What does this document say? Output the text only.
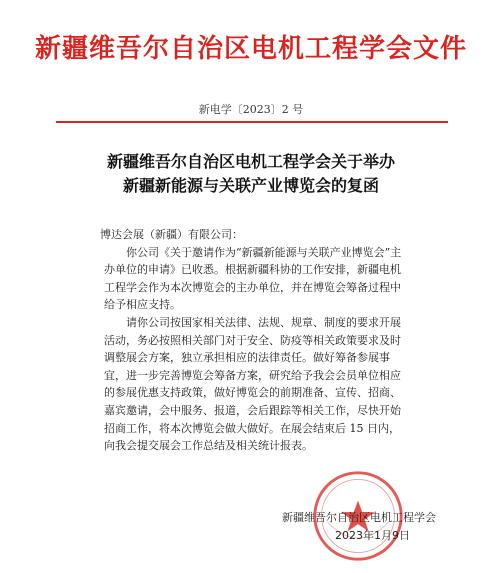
新疆维吾尔自治区电机工程学会文件
新电学〔2023〕2 号
新疆维吾尔自治区电机工程学会关于举办
新疆新能源与关联产业博览会的复函

博达会展（新疆）有限公司：

你公司《关于邀请作为“新疆新能源与关联产业博览会”主办单位的申请》已收悉。根据新疆科协的工作安排，新疆电机工程学会作为本次博览会的主办单位，并在博览会筹备过程中给予相应支持。

请你公司按国家相关法律、法规、规章、制度的要求开展活动，务必按照相关部门对于安全、防疫等相关政策要求及时调整展会方案，独立承担相应的法律责任。做好筹备参展事宜，进一步完善博览会筹备方案，研究给予我会会员单位相应的参展优惠支持政策，做好博览会的前期准备、宣传、招商、嘉宾邀请，会中服务、报道，会后跟踪等相关工作，尽快开始招商工作，将本次博览会做大做好。在展会结束后 15 日内，向我会提交展会工作总结及相关统计报表。

新疆维吾尔自治区电机工程学会
2023年1月9日
